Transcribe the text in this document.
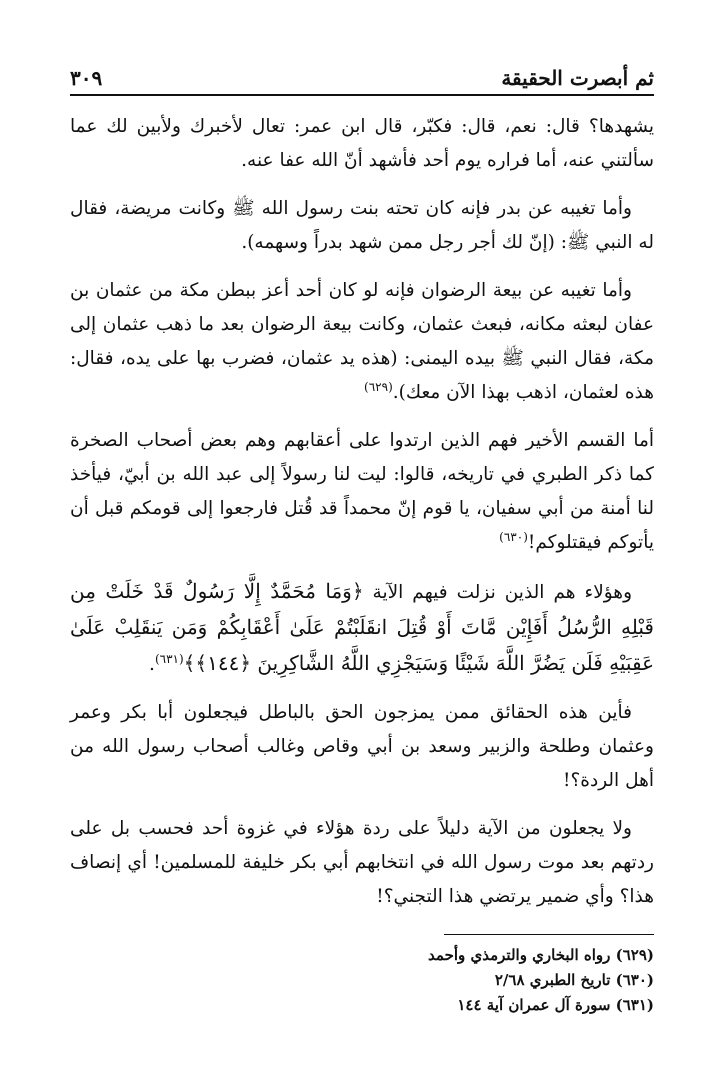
ثم أبصرت الحقيقة
٣٠٩

يشهدها؟ قال: نعم، قال: فكبّر، قال ابن عمر: تعال لأخبرك ولأبين لك عما سألتني عنه، أما فراره يوم أحد فأشهد أنّ الله عفا عنه.

وأما تغيبه عن بدر فإنه كان تحته بنت رسول الله ﷺ وكانت مريضة، فقال له النبي ﷺ: (إنّ لك أجر رجل ممن شهد بدراً وسهمه).

وأما تغيبه عن بيعة الرضوان فإنه لو كان أحد أعز ببطن مكة من عثمان بن عفان لبعثه مكانه، فبعث عثمان، وكانت بيعة الرضوان بعد ما ذهب عثمان إلى مكة، فقال النبي ﷺ بيده اليمنى: (هذه يد عثمان، فضرب بها على يده، فقال: هذه لعثمان، اذهب بهذا الآن معك).$^{(٦٢٩)}$

أما القسم الأخير فهم الذين ارتدوا على أعقابهم وهم بعض أصحاب الصخرة كما ذكر الطبري في تاريخه، قالوا: ليت لنا رسولاً إلى عبد الله بن أبيّ، فيأخذ لنا أمنة من أبي سفيان، يا قوم إنّ محمداً قد قُتل فارجعوا إلى قومكم قبل أن يأتوكم فيقتلوكم!$^{(٦٣٠)}$

وهؤلاء هم الذين نزلت فيهم الآية ﴿وَمَا مُحَمَّدٌ إِلَّا رَسُولٌ قَدْ خَلَتْ مِن قَبْلِهِ الرُّسُلُ أَفَإِيْن مَّاتَ أَوْ قُتِلَ انقَلَبْتُمْ عَلَىٰ أَعْقَابِكُمْ وَمَن يَنقَلِبْ عَلَىٰ عَقِبَيْهِ فَلَن يَضُرَّ اللَّهَ شَيْئًا وَسَيَجْزِي اللَّهُ الشَّاكِرِينَ ﴿١٤٤﴾﴾$^{(٦٣١)}$.

فأين هذه الحقائق ممن يمزجون الحق بالباطل فيجعلون أبا بكر وعمر وعثمان وطلحة والزبير وسعد بن أبي وقاص وغالب أصحاب رسول الله من أهل الردة؟!

ولا يجعلون من الآية دليلاً على ردة هؤلاء في غزوة أحد فحسب بل على ردتهم بعد موت رسول الله في انتخابهم أبي بكر خليفة للمسلمين! أي إنصاف هذا؟ وأي ضمير يرتضي هذا التجني؟!

(٦٢٩) رواه البخاري والترمذي وأحمد
(٦٣٠) تاريخ الطبري ٢/٦٨
(٦٣١) سورة آل عمران آية ١٤٤
